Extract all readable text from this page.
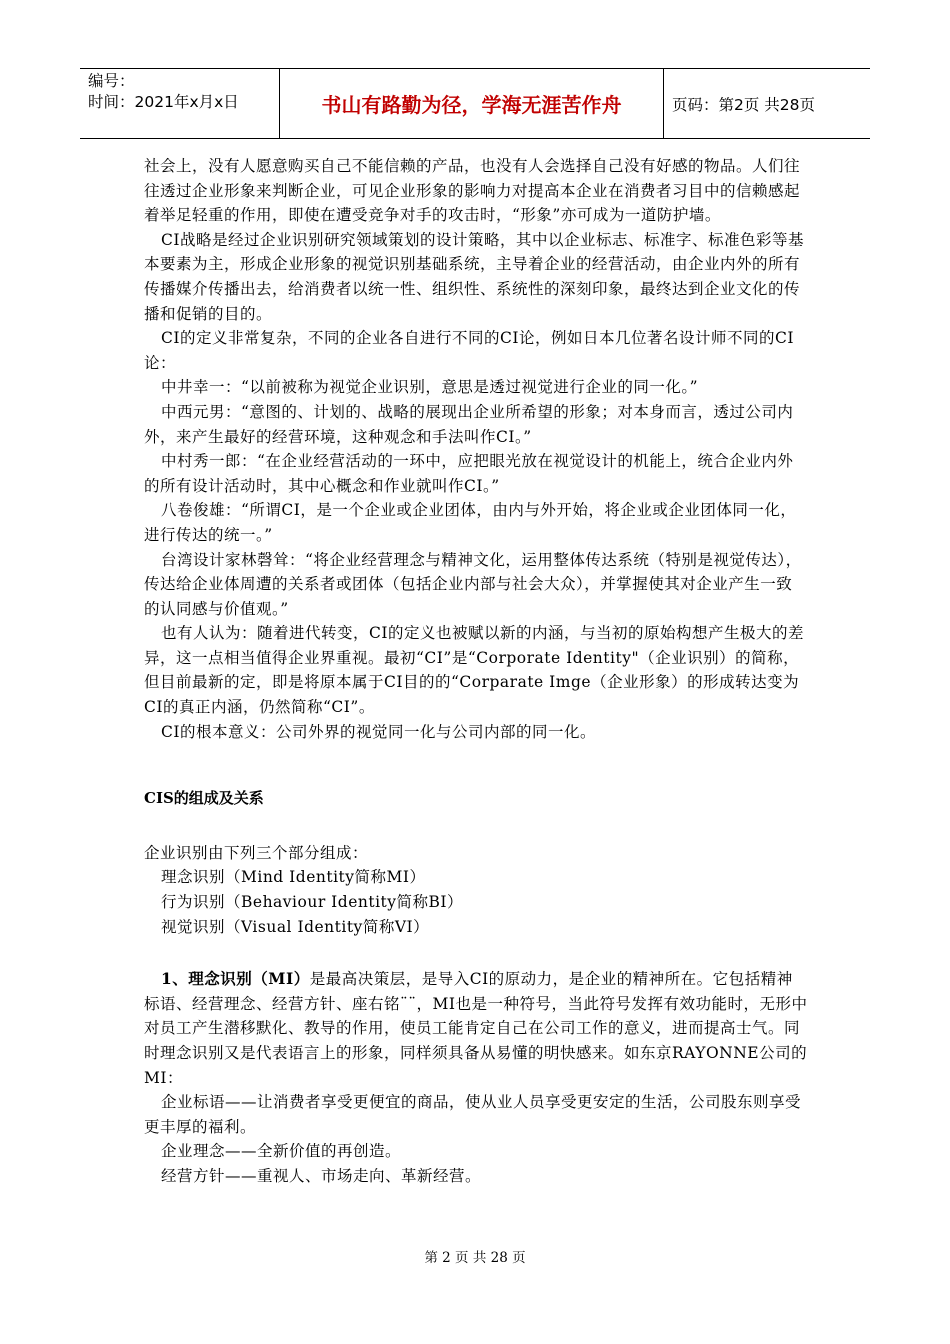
编号：
时间：2021年x月x日	书山有路勤为径，学海无涯苦作舟	页码：第2页 共28页

社会上，没有人愿意购买自己不能信赖的产品，也没有人会选择自己没有好感的物品。人们往往透过企业形象来判断企业，可见企业形象的影响力对提高本企业在消费者习目中的信赖感起着举足轻重的作用，即使在遭受竞争对手的攻击时，“形象”亦可成为一道防护墙。

CI战略是经过企业识别研究领域策划的设计策略，其中以企业标志、标准字、标准色彩等基本要素为主，形成企业形象的视觉识别基础系统，主导着企业的经营活动，由企业内外的所有传播媒介传播出去，给消费者以统一性、组织性、系统性的深刻印象，最终达到企业文化的传播和促销的目的。

CI的定义非常复杂，不同的企业各自进行不同的CI论，例如日本几位著名设计师不同的CI论：

中井幸一：“以前被称为视觉企业识别，意思是透过视觉进行企业的同一化。”

中西元男：“意图的、计划的、战略的展现出企业所希望的形象；对本身而言，透过公司内外，来产生最好的经营环境，这种观念和手法叫作CI。”

中村秀一郎：“在企业经营活动的一环中，应把眼光放在视觉设计的机能上，统合企业内外的所有设计活动时，其中心概念和作业就叫作CI。”

八卷俊雄：“所谓CI，是一个企业或企业团体，由内与外开始，将企业或企业团体同一化，进行传达的统一。”

台湾设计家林磬耸：“将企业经营理念与精神文化，运用整体传达系统（特别是视觉传达），传达给企业体周遭的关系者或团体（包括企业内部与社会大众），并掌握使其对企业产生一致的认同感与价值观。”

也有人认为：随着进代转变，CI的定义也被赋以新的内涵，与当初的原始构想产生极大的差异，这一点相当值得企业界重视。最初“CI”是“Corporate Identity"（企业识别）的简称，但目前最新的定，即是将原本属于CI目的的“Corparate Imge（企业形象）的形成转达变为CI的真正内涵，仍然简称“CI”。

CI的根本意义：公司外界的视觉同一化与公司内部的同一化。

CIS的组成及关系

企业识别由下列三个部分组成：

理念识别（Mind Identity简称MI）

行为识别（Behaviour Identity简称BI）

视觉识别（Visual Identity简称VI）

1、理念识别（MI）是最高决策层，是导入CI的原动力，是企业的精神所在。它包括精神标语、经营理念、经营方针、座右铭¨¨，MI也是一种符号，当此符号发挥有效功能时，无形中对员工产生潜移默化、教导的作用，使员工能肯定自己在公司工作的意义，进而提高士气。同时理念识别又是代表语言上的形象，同样须具备从易懂的明快感来。如东京RAYONNE公司的MI：

企业标语——让消费者享受更便宜的商品，使从业人员享受更安定的生活，公司股东则享受更丰厚的福利。

企业理念——全新价值的再创造。

经营方针——重视人、市场走向、革新经营。

第 2 页 共 28 页
